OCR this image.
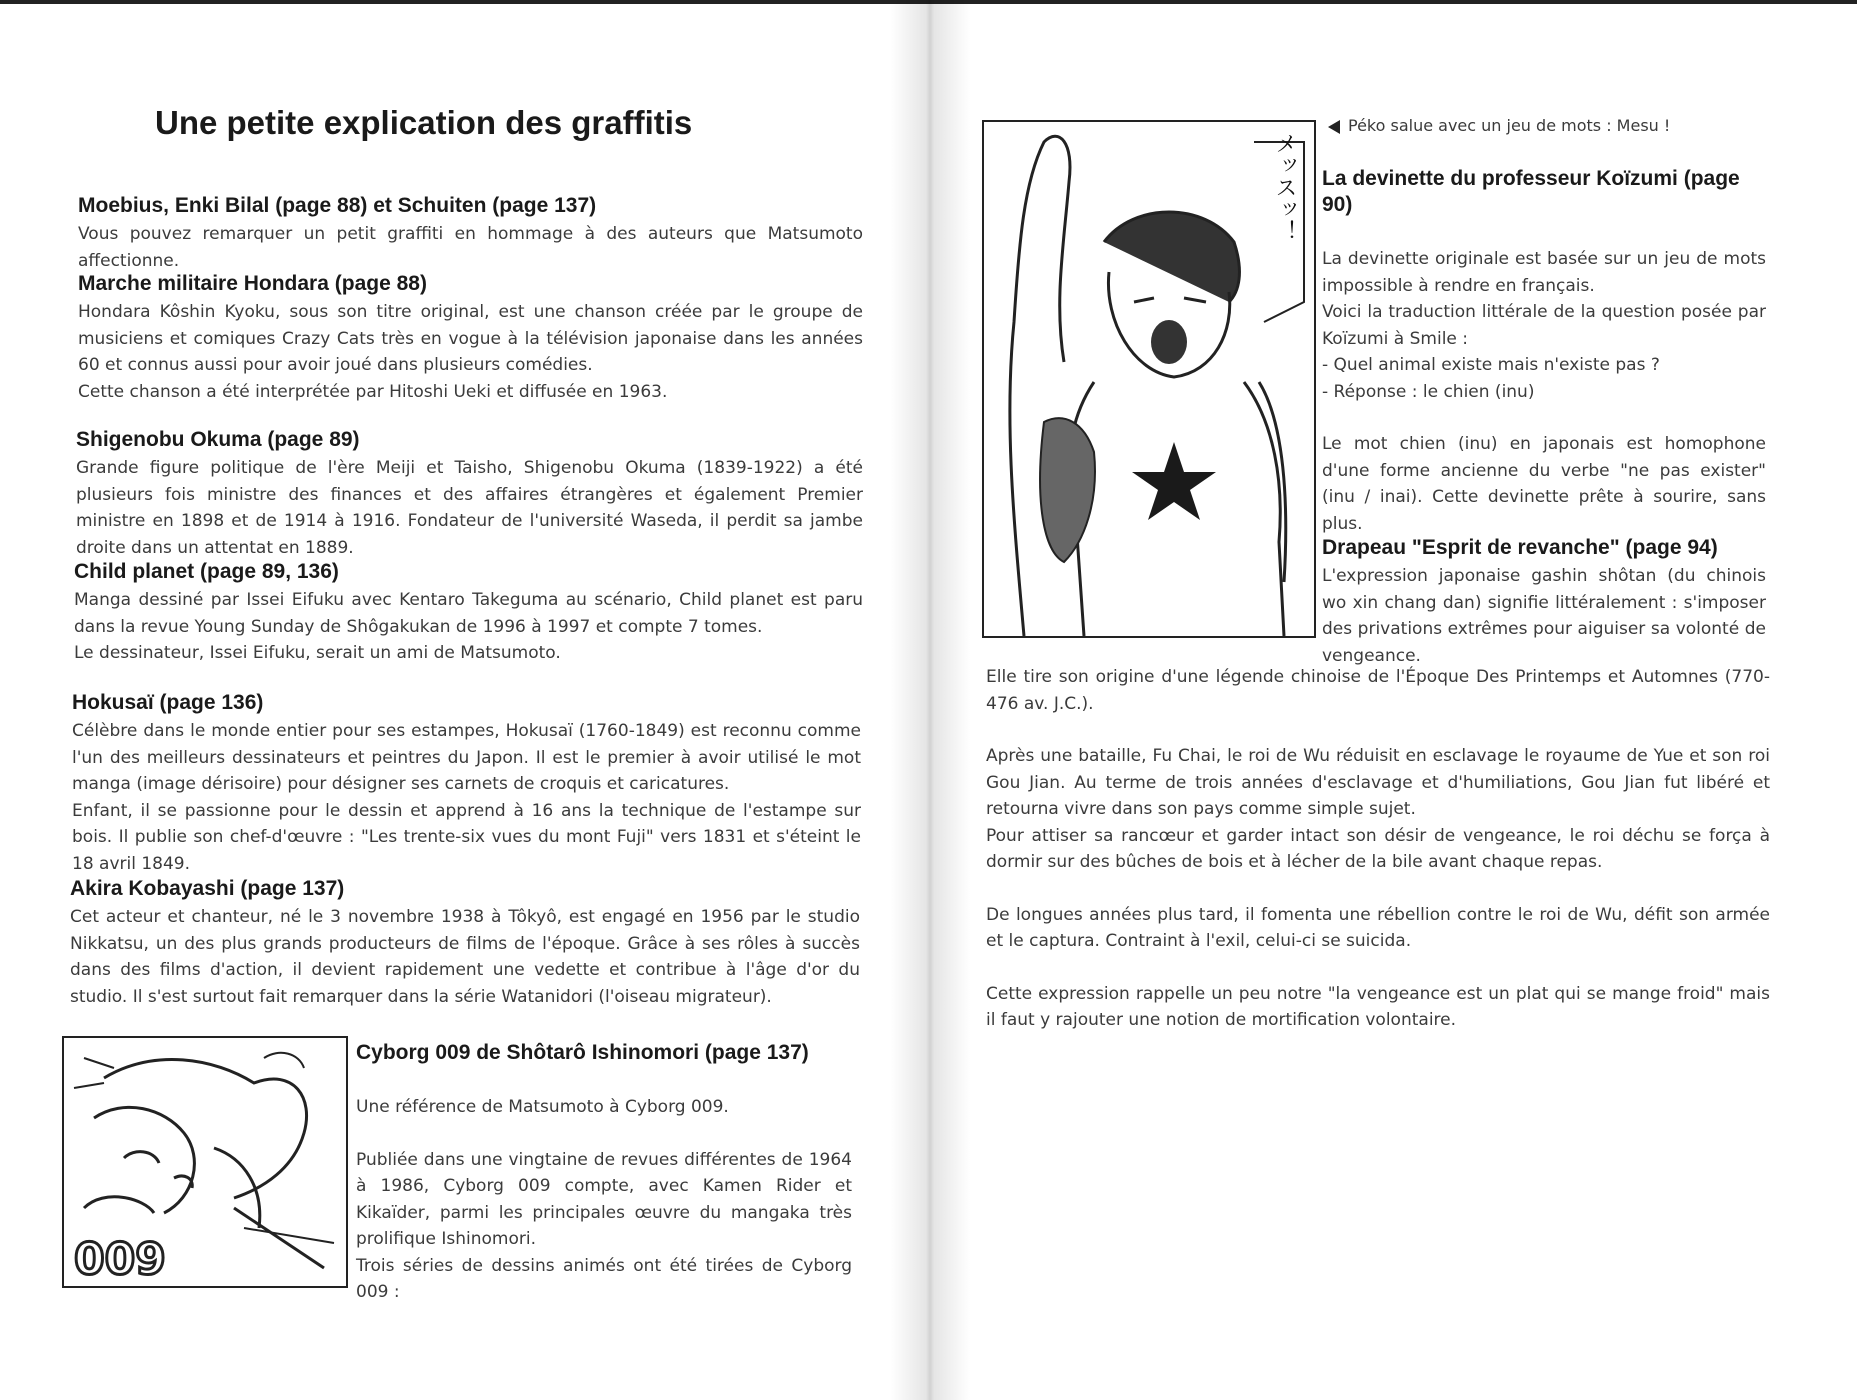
Une petite explication des graffitis
Moebius, Enki Bilal (page 88) et Schuiten (page 137)

Vous pouvez remarquer un petit graffiti en hommage à des auteurs que Matsumoto affectionne.

Marche militaire Hondara (page 88)

Hondara Kôshin Kyoku, sous son titre original, est une chanson créée par le groupe de musiciens et comiques Crazy Cats très en vogue à la télévision japonaise dans les années 60 et connus aussi pour avoir joué dans plusieurs comédies.

Cette chanson a été interprétée par Hitoshi Ueki et diffusée en 1963.

Shigenobu Okuma (page 89)

Grande figure politique de l'ère Meiji et Taisho, Shigenobu Okuma (1839-1922) a été plusieurs fois ministre des finances et des affaires étrangères et également Premier ministre en 1898 et de 1914 à 1916. Fondateur de l'université Waseda, il perdit sa jambe droite dans un attentat en 1889.

Child planet (page 89, 136)

Manga dessiné par Issei Eifuku avec Kentaro Takeguma au scénario, Child planet est paru dans la revue Young Sunday de Shôgakukan de 1996 à 1997 et compte 7 tomes.

Le dessinateur, Issei Eifuku, serait un ami de Matsumoto.

Hokusaï (page 136)

Célèbre dans le monde entier pour ses estampes, Hokusaï (1760-1849) est reconnu comme l'un des meilleurs dessinateurs et peintres du Japon. Il est le premier à avoir utilisé le mot manga (image dérisoire) pour désigner ses carnets de croquis et caricatures.

Enfant, il se passionne pour le dessin et apprend à 16 ans la technique de l'estampe sur bois. Il publie son chef-d'œuvre : "Les trente-six vues du mont Fuji" vers 1831 et s'éteint le 18 avril 1849.

Akira Kobayashi (page 137)

Cet acteur et chanteur, né le 3 novembre 1938 à Tôkyô, est engagé en 1956 par le studio Nikkatsu, un des plus grands producteurs de films de l'époque. Grâce à ses rôles à succès dans des films d'action, il devient rapidement une vedette et contribue à l'âge d'or du studio. Il s'est surtout fait remarquer dans la série Watanidori (l'oiseau migrateur).

009
Cyborg 009 de Shôtarô Ishinomori (page 137)

Une référence de Matsumoto à Cyborg 009.

Publiée dans une vingtaine de revues différentes de 1964 à 1986, Cyborg 009 compte, avec Kamen Rider et Kikaïder, parmi les principales œuvre du mangaka très prolifique Ishinomori.

Trois séries de dessins animés ont été tirées de Cyborg 009 :

メッスッ！

Péko salue avec un jeu de mots : Mesu !

La devinette du professeur Koïzumi (page 90)

La devinette originale est basée sur un jeu de mots impossible à rendre en français.

Voici la traduction littérale de la question posée par Koïzumi à Smile :

- Quel animal existe mais n'existe pas ?

- Réponse : le chien (inu)

Le mot chien (inu) en japonais est homophone d'une forme ancienne du verbe "ne pas exister" (inu / inai). Cette devinette prête à sourire, sans plus.

Drapeau "Esprit de revanche" (page 94)

L'expression japonaise gashin shôtan (du chinois wo xin chang dan) signifie littéralement : s'imposer des privations extrêmes pour aiguiser sa volonté de vengeance.

Elle tire son origine d'une légende chinoise de l'Époque Des Printemps et Automnes (770-476 av. J.C.).

Après une bataille, Fu Chai, le roi de Wu réduisit en esclavage le royaume de Yue et son roi Gou Jian. Au terme de trois années d'esclavage et d'humiliations, Gou Jian fut libéré et retourna vivre dans son pays comme simple sujet.

Pour attiser sa rancœur et garder intact son désir de vengeance, le roi déchu se força à dormir sur des bûches de bois et à lécher de la bile avant chaque repas.

De longues années plus tard, il fomenta une rébellion contre le roi de Wu, défit son armée et le captura. Contraint à l'exil, celui-ci se suicida.

Cette expression rappelle un peu notre "la vengeance est un plat qui se mange froid" mais il faut y rajouter une notion de mortification volontaire.
